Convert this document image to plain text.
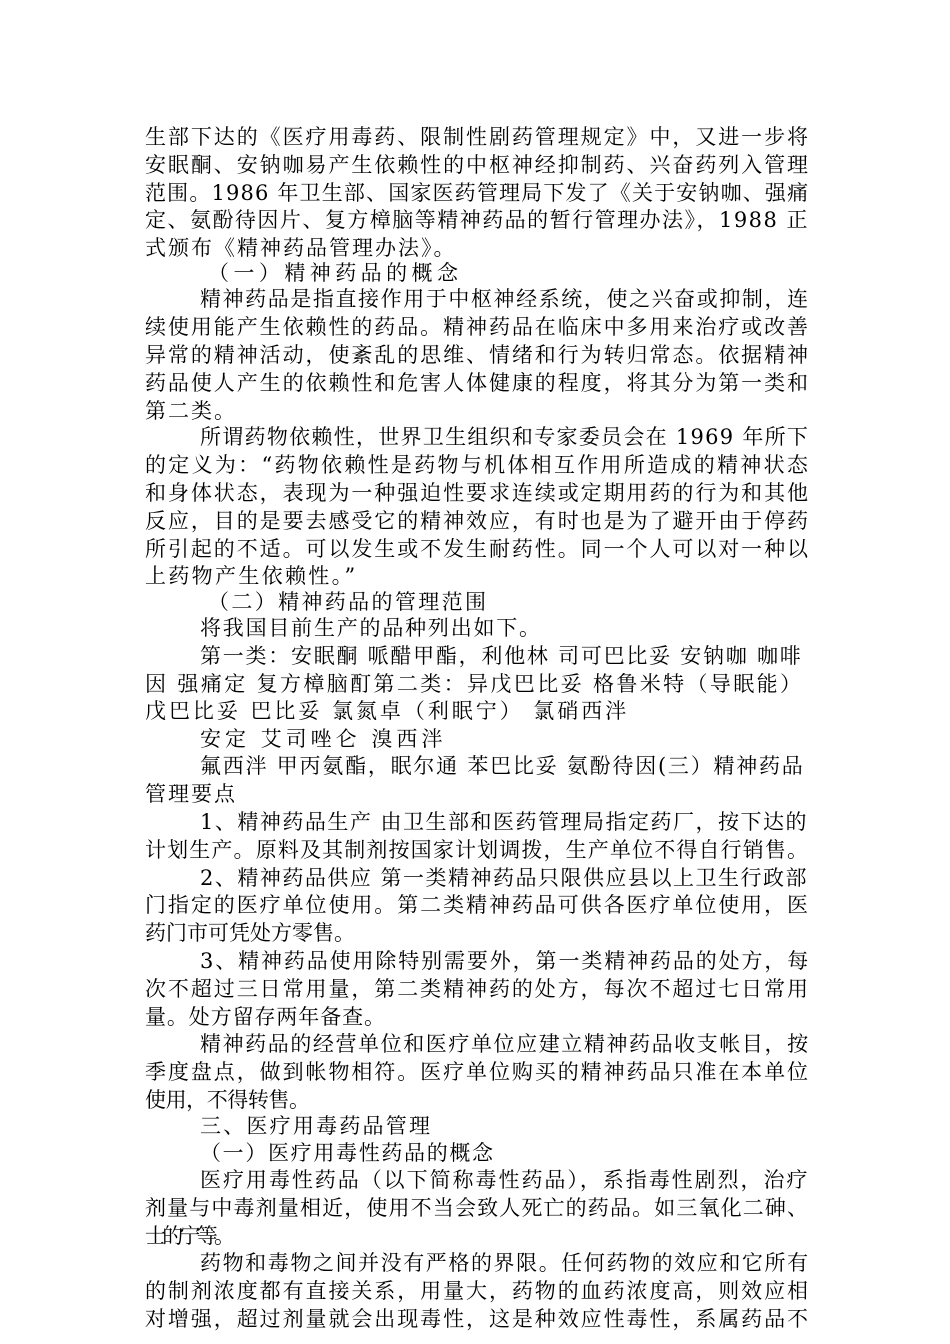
生部下达的《医疗用毒药、限制性剧药管理规定》中，又进一步将
安眠酮、安钠咖易产生依赖性的中枢神经抑制药、兴奋药列入管理
范围。1986 年卫生部、国家医药管理局下发了《关于安钠咖、强痛
定、氨酚待因片、复方樟脑等精神药品的暂行管理办法》，1988 正
式颁布《精神药品管理办法》。
（一）精神药品的概念
精神药品是指直接作用于中枢神经系统，使之兴奋或抑制，连
续使用能产生依赖性的药品。精神药品在临床中多用来治疗或改善
异常的精神活动，使紊乱的思维、情绪和行为转归常态。依据精神
药品使人产生的依赖性和危害人体健康的程度，将其分为第一类和
第二类。
所谓药物依赖性，世界卫生组织和专家委员会在 1969 年所下
的定义为：“药物依赖性是药物与机体相互作用所造成的精神状态
和身体状态，表现为一种强迫性要求连续或定期用药的行为和其他
反应，目的是要去感受它的精神效应，有时也是为了避开由于停药
所引起的不适。可以发生或不发生耐药性。同一个人可以对一种以
上药物产生依赖性。”
（二）精神药品的管理范围
将我国目前生产的品种列出如下。
第一类：安眠酮 哌醋甲酯，利他林 司可巴比妥 安钠咖 咖啡
因 强痛定 复方樟脑酊第二类：异戊巴比妥 格鲁米特（导眠能）
戊巴比妥 巴比妥 氯氮卓（利眠宁） 氯硝西泮
安定 艾司唑仑 溴西泮
氟西泮 甲丙氨酯，眠尔通 苯巴比妥 氨酚待因(三）精神药品
管理要点
1、精神药品生产 由卫生部和医药管理局指定药厂，按下达的
计划生产。原料及其制剂按国家计划调拨，生产单位不得自行销售。
2、精神药品供应 第一类精神药品只限供应县以上卫生行政部
门指定的医疗单位使用。第二类精神药品可供各医疗单位使用，医
药门市可凭处方零售。
3、精神药品使用除特别需要外，第一类精神药品的处方，每
次不超过三日常用量，第二类精神药的处方，每次不超过七日常用
量。处方留存两年备查。
精神药品的经营单位和医疗单位应建立精神药品收支帐目，按
季度盘点，做到帐物相符。医疗单位购买的精神药品只准在本单位
使用，不得转售。
三、医疗用毒药品管理
（一）医疗用毒性药品的概念
医疗用毒性药品（以下简称毒性药品），系指毒性剧烈，治疗
剂量与中毒剂量相近，使用不当会致人死亡的药品。如三氧化二砷、
士的宁等。
药物和毒物之间并没有严格的界限。任何药物的效应和它所有
的制剂浓度都有直接关系，用量大，药物的血药浓度高，则效应相
对增强，超过剂量就会出现毒性，这是种效应性毒性，系属药品不
